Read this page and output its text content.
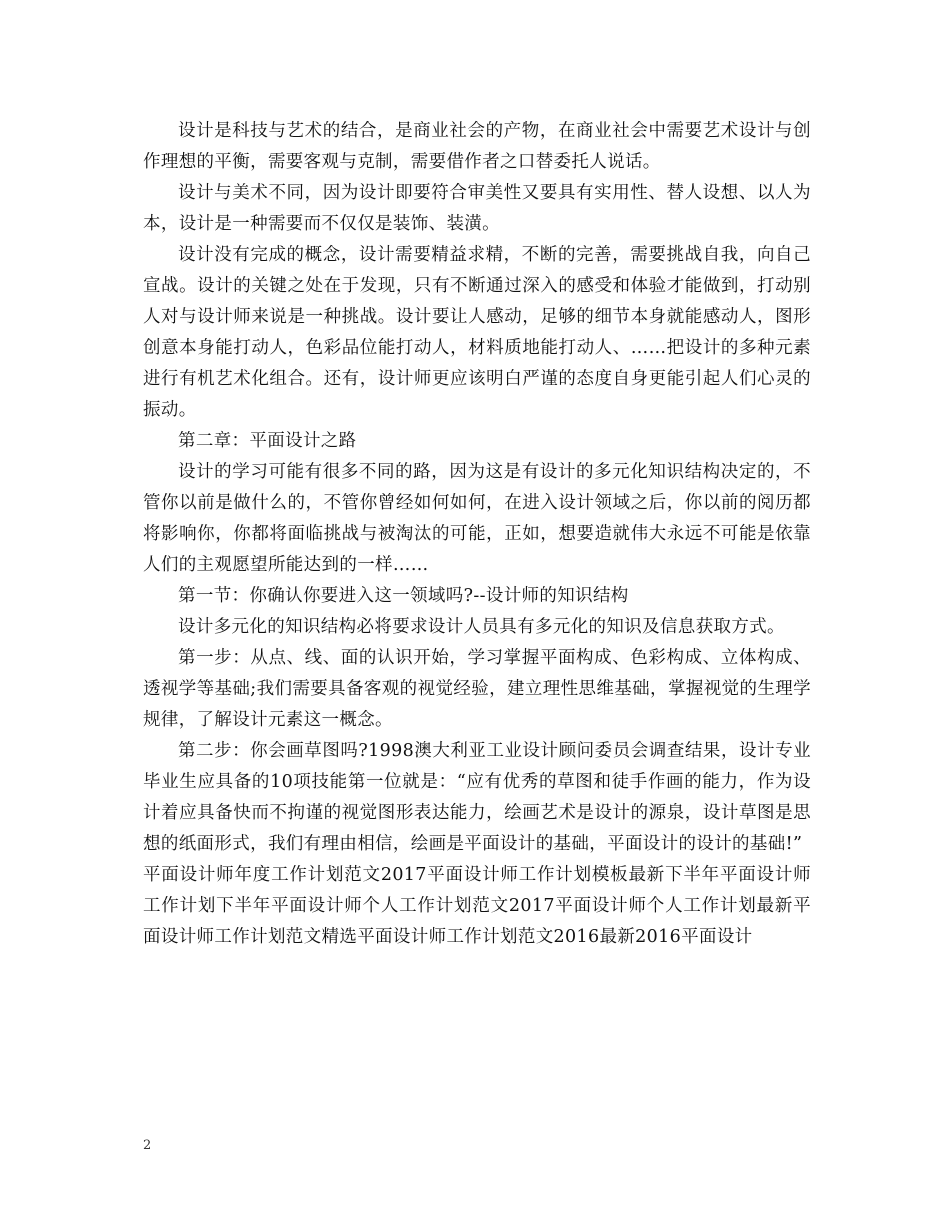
设计是科技与艺术的结合，是商业社会的产物，在商业社会中需要艺术设计与创作理想的平衡，需要客观与克制，需要借作者之口替委托人说话。

设计与美术不同，因为设计即要符合审美性又要具有实用性、替人设想、以人为本，设计是一种需要而不仅仅是装饰、装潢。

设计没有完成的概念，设计需要精益求精，不断的完善，需要挑战自我，向自己宣战。设计的关键之处在于发现，只有不断通过深入的感受和体验才能做到，打动别人对与设计师来说是一种挑战。设计要让人感动，足够的细节本身就能感动人，图形创意本身能打动人，色彩品位能打动人，材料质地能打动人、……把设计的多种元素进行有机艺术化组合。还有，设计师更应该明白严谨的态度自身更能引起人们心灵的振动。

第二章：平面设计之路

设计的学习可能有很多不同的路，因为这是有设计的多元化知识结构决定的，不管你以前是做什么的，不管你曾经如何如何，在进入设计领域之后，你以前的阅历都将影响你，你都将面临挑战与被淘汰的可能，正如，想要造就伟大永远不可能是依靠人们的主观愿望所能达到的一样……

第一节：你确认你要进入这一领域吗?--设计师的知识结构

设计多元化的知识结构必将要求设计人员具有多元化的知识及信息获取方式。

第一步：从点、线、面的认识开始，学习掌握平面构成、色彩构成、立体构成、透视学等基础;我们需要具备客观的视觉经验，建立理性思维基础，掌握视觉的生理学规律，了解设计元素这一概念。

第二步：你会画草图吗?1998澳大利亚工业设计顾问委员会调查结果，设计专业毕业生应具备的10项技能第一位就是：“应有优秀的草图和徒手作画的能力，作为设计着应具备快而不拘谨的视觉图形表达能力，绘画艺术是设计的源泉，设计草图是思想的纸面形式，我们有理由相信，绘画是平面设计的基础，平面设计的设计的基础!”

平面设计师年度工作计划范文2017平面设计师工作计划模板最新下半年平面设计师工作计划下半年平面设计师个人工作计划范文2017平面设计师个人工作计划最新平面设计师工作计划范文精选平面设计师工作计划范文2016最新2016平面设计

2
